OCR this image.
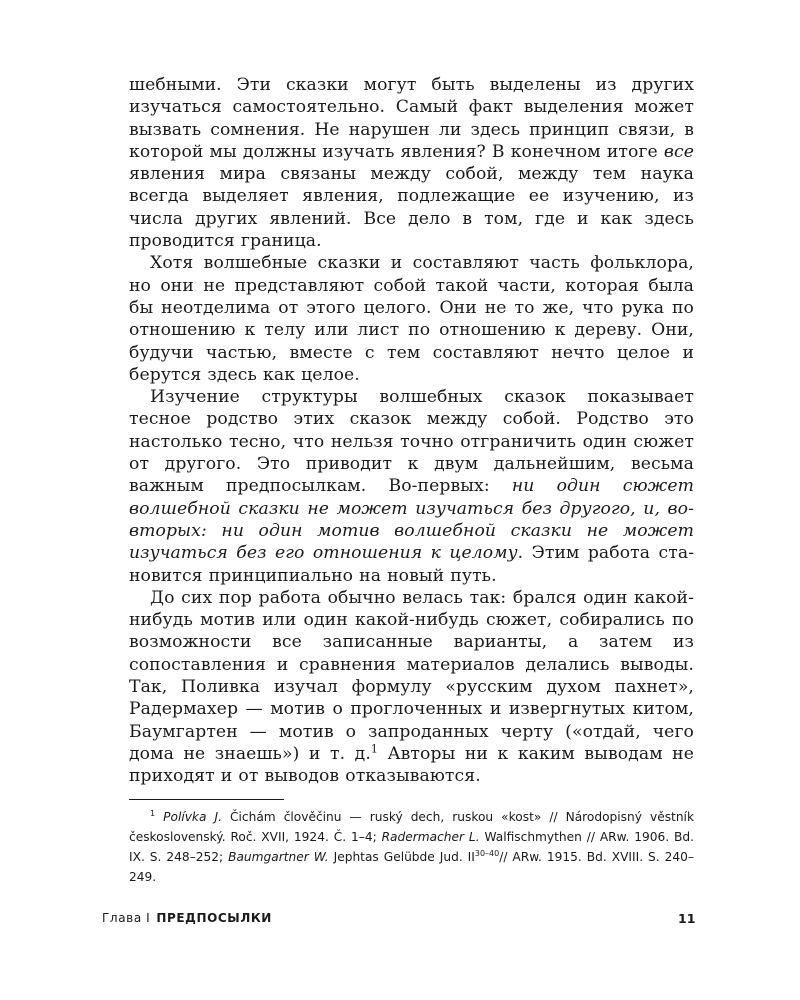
шебными. Эти сказки могут быть выделены из других изучаться самостоятельно. Самый факт выделения может вызвать сомнения. Не нарушен ли здесь принцип связи, в которой мы должны изучать явления? В конечном итоге все явления мира связаны между собой, между тем наука всегда выделяет явления, подлежащие ее изучению, из числа других явлений. Все дело в том, где и как здесь проводится граница.

Хотя волшебные сказки и составляют часть фольклора, но они не представляют собой такой части, которая была бы неотделима от этого целого. Они не то же, что рука по отношению к телу или лист по отношению к дереву. Они, будучи частью, вместе с тем составляют нечто целое и берутся здесь как целое.

Изучение структуры волшебных сказок показывает тесное родство этих сказок между собой. Родство это настолько тесно, что нельзя точно отграничить один сюжет от другого. Это приводит к двум дальнейшим, весьма важным предпосылкам. Во-первых: ни один сюжет волшебной сказки не может изучаться без другого, и, во-вторых: ни один мотив волшебной сказки не может изучаться без его отношения к целому. Этим работа становится принципиально на новый путь.

До сих пор работа обычно велась так: брался один какой-нибудь мотив или один какой-нибудь сюжет, собирались по возможности все записанные варианты, а затем из сопоставления и сравнения материалов делались выводы. Так, Поливка изучал формулу «русским духом пахнет», Радермахер — мотив о проглоченных и извергнутых китом, Баумгартен — мотив о запроданных черту («отдай, чего дома не знаешь») и т. д.$^1$ Авторы ни к каким выводам не приходят и от выводов отказываются.

$^1$ Polívka J. Čichám člověčinu — ruský dech, ruskou «kost» // Národopisný věstník československý. Roč. XVII, 1924. Č. 1–4; Radermacher L. Walfischmythen // ARw. 1906. Bd. IX. S. 248–252; Baumgartner W. Jephtas Gelübde Jud. II$^{30-40}$// ARw. 1915. Bd. XVIII. S. 240–249.
Глава I ПРЕДПОСЫЛКИ	11
